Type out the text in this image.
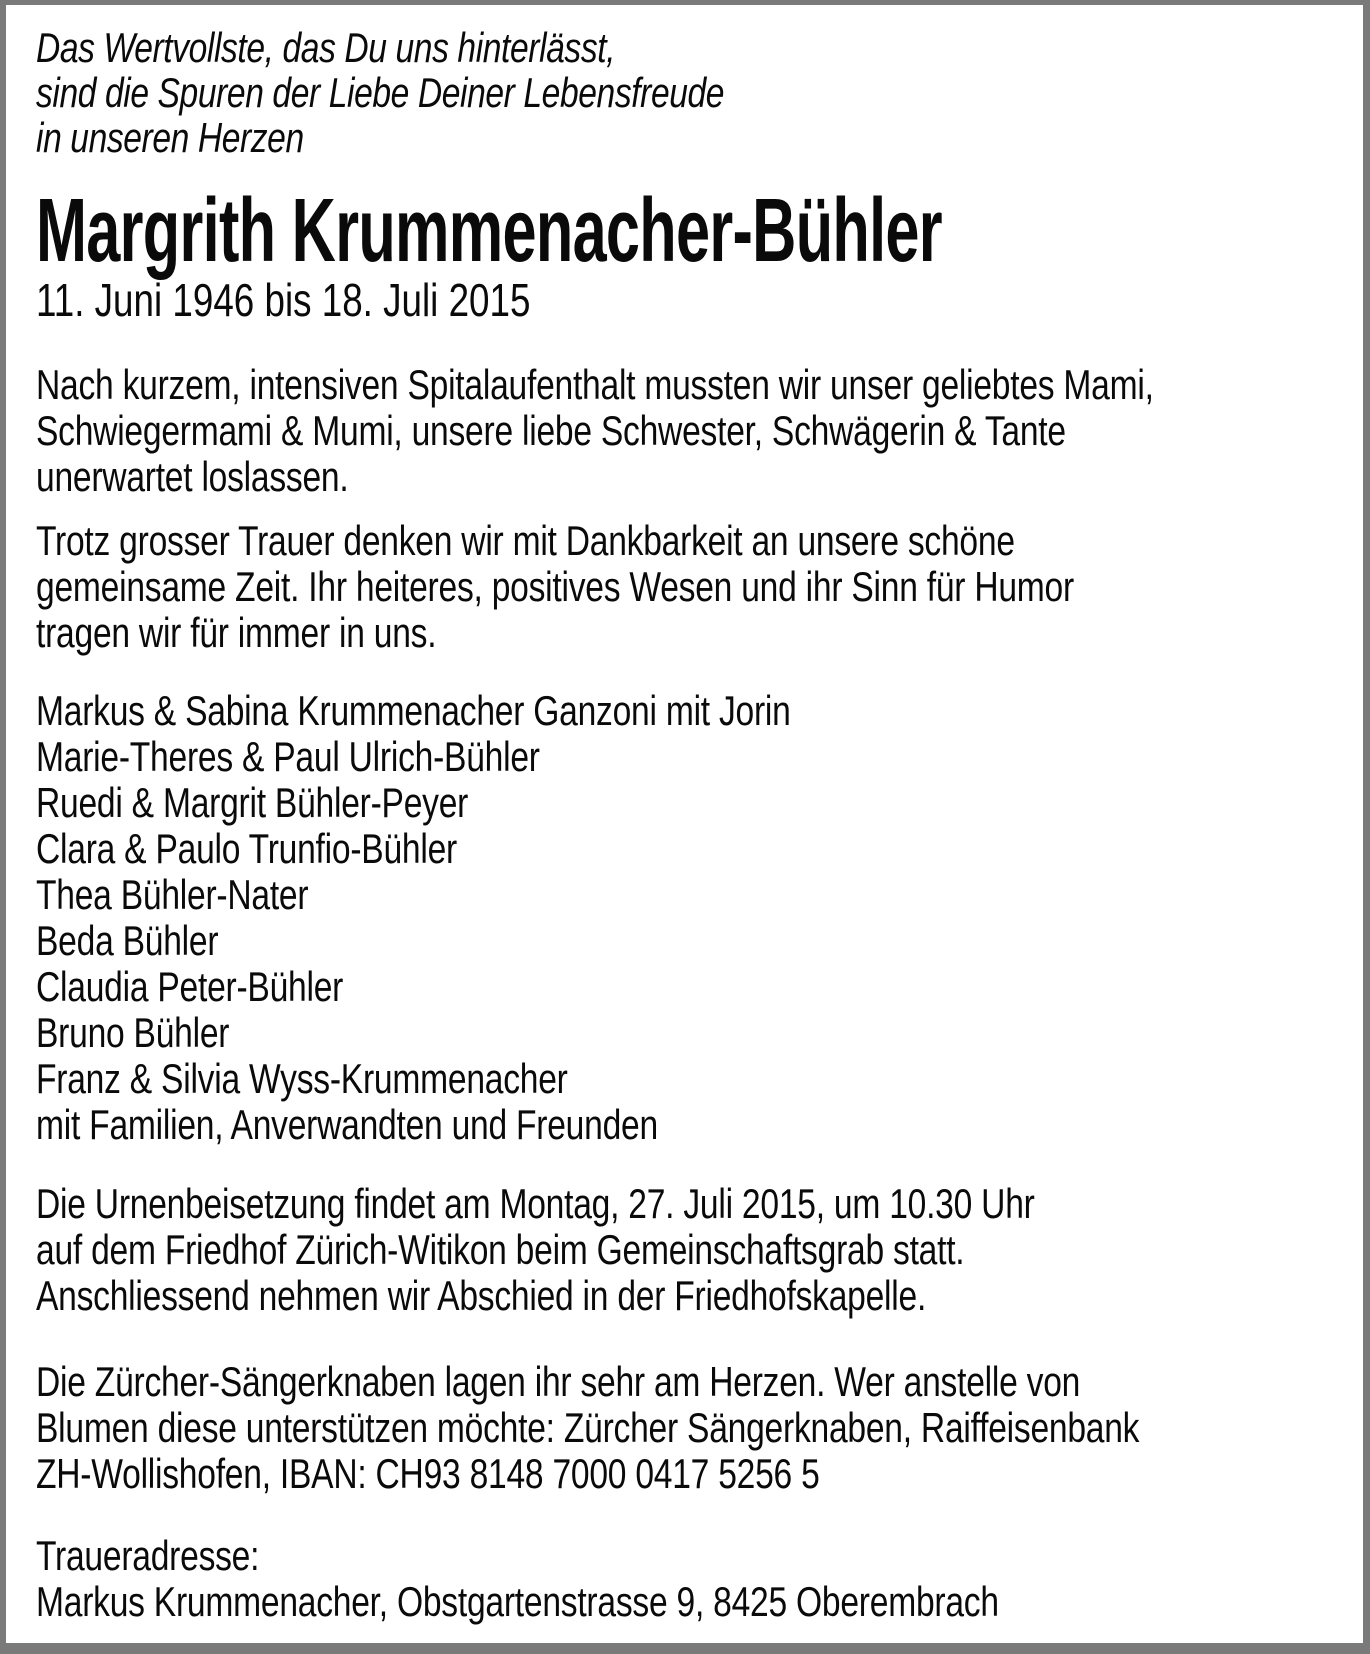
Das Wertvollste, das Du uns hinterlässt,
sind die Spuren der Liebe Deiner Lebensfreude
in unseren Herzen
Margrith Krummenacher-Bühler
11. Juni 1946 bis 18. Juli 2015
Nach kurzem, intensiven Spitalaufenthalt mussten wir unser geliebtes Mami,
Schwiegermami & Mumi, unsere liebe Schwester, Schwägerin & Tante
unerwartet loslassen.
Trotz grosser Trauer denken wir mit Dankbarkeit an unsere schöne
gemeinsame Zeit. Ihr heiteres, positives Wesen und ihr Sinn für Humor
tragen wir für immer in uns.
Markus & Sabina Krummenacher Ganzoni mit Jorin
Marie-Theres & Paul Ulrich-Bühler
Ruedi & Margrit Bühler-Peyer
Clara & Paulo Trunfio-Bühler
Thea Bühler-Nater
Beda Bühler
Claudia Peter-Bühler
Bruno Bühler
Franz & Silvia Wyss-Krummenacher
mit Familien, Anverwandten und Freunden
Die Urnenbeisetzung findet am Montag, 27. Juli 2015, um 10.30 Uhr
auf dem Friedhof Zürich-Witikon beim Gemeinschaftsgrab statt.
Anschliessend nehmen wir Abschied in der Friedhofskapelle.
Die Zürcher-Sängerknaben lagen ihr sehr am Herzen. Wer anstelle von
Blumen diese unterstützen möchte: Zürcher Sängerknaben, Raiffeisenbank
ZH-Wollishofen, IBAN: CH93 8148 7000 0417 5256 5
Traueradresse:
Markus Krummenacher, Obstgartenstrasse 9, 8425 Oberembrach
